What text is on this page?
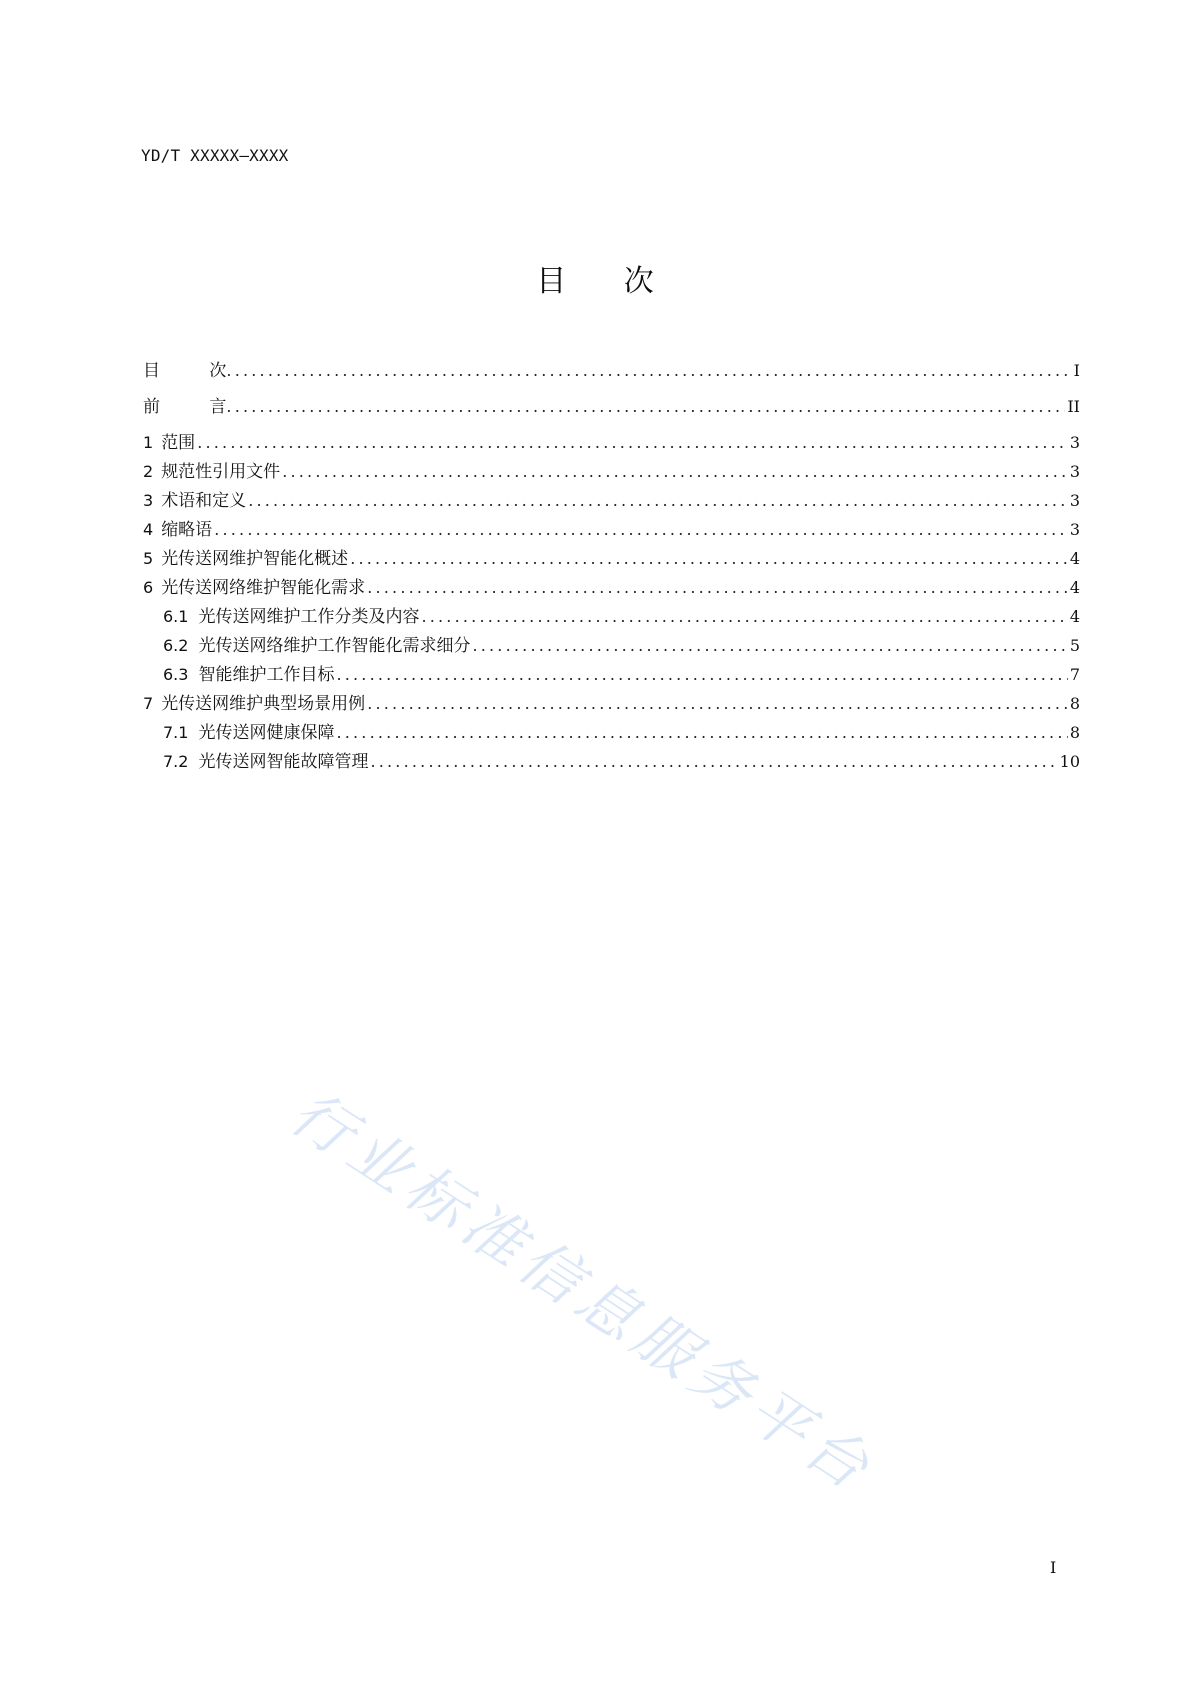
YD/T XXXXX—XXXX
目 次
目 次 .....	I
前 言 .....	II
1 范围 .....	3
2 规范性引用文件 .....	3
3 术语和定义 .....	3
4 缩略语 .....	3
5 光传送网维护智能化概述 .....	4
6 光传送网络维护智能化需求 .....	4
6.1 光传送网维护工作分类及内容 .....	4
6.2 光传送网络维护工作智能化需求细分 .....	5
6.3 智能维护工作目标 .....	7
7 光传送网维护典型场景用例 .....	8
7.1 光传送网健康保障 .....	8
7.2 光传送网智能故障管理 .....	10
行业标准信息服务平台
I
